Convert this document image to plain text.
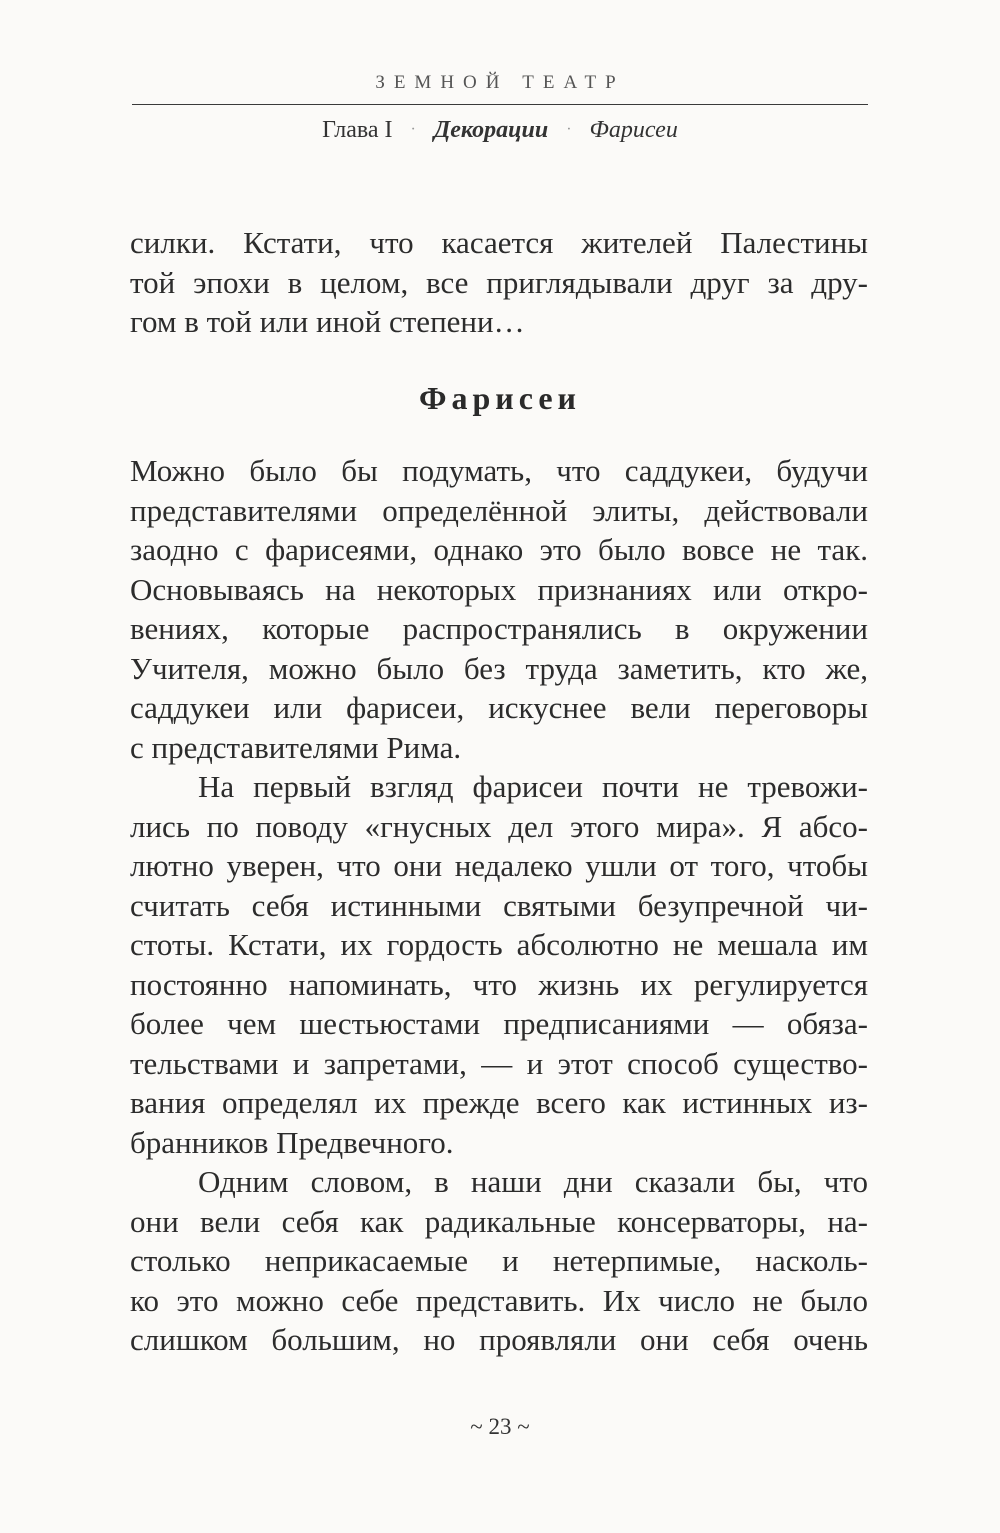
ЗЕМНОЙ ТЕАТР
Глава I · Декорации · Фарисеи
силки. Кстати, что касается жителей Палестины
той эпохи в целом, все приглядывали друг за дру-
гом в той или иной степени…
Фарисеи
Можно было бы подумать, что саддукеи, будучи
представителями определённой элиты, действовали
заодно с фарисеями, однако это было вовсе не так.
Основываясь на некоторых признаниях или откро-
вениях, которые распространялись в окружении
Учителя, можно было без труда заметить, кто же,
саддукеи или фарисеи, искуснее вели переговоры
с представителями Рима.
На первый взгляд фарисеи почти не тревожи-
лись по поводу «гнусных дел этого мира». Я абсо-
лютно уверен, что они недалеко ушли от того, чтобы
считать себя истинными святыми безупречной чи-
стоты. Кстати, их гордость абсолютно не мешала им
постоянно напоминать, что жизнь их регулируется
более чем шестьюстами предписаниями — обяза-
тельствами и запретами, — и этот способ существо-
вания определял их прежде всего как истинных из-
бранников Предвечного.
Одним словом, в наши дни сказали бы, что
они вели себя как радикальные консерваторы, на-
столько неприкасаемые и нетерпимые, насколь-
ко это можно себе представить. Их число не было
слишком большим, но проявляли они себя очень
~ 23 ~
